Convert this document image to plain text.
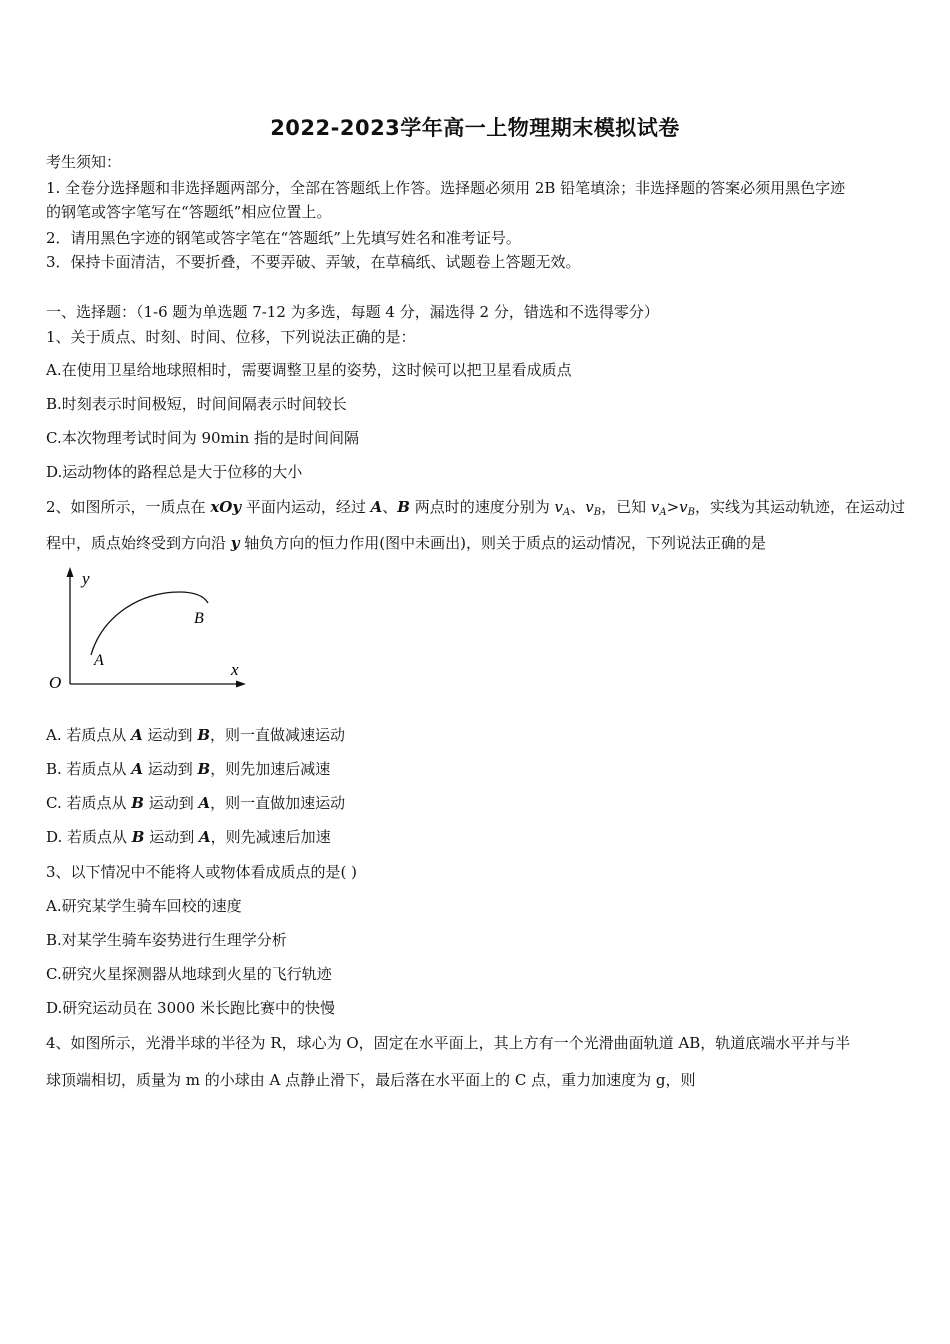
2022-2023学年高一上物理期末模拟试卷
考生须知：
1. 全卷分选择题和非选择题两部分，全部在答题纸上作答。选择题必须用 2B 铅笔填涂；非选择题的答案必须用黑色字迹
的钢笔或答字笔写在“答题纸”相应位置上。
2．请用黑色字迹的钢笔或答字笔在“答题纸”上先填写姓名和准考证号。
3．保持卡面清洁，不要折叠，不要弄破、弄皱，在草稿纸、试题卷上答题无效。
一、选择题：（1-6 题为单选题 7-12 为多选，每题 4 分，漏选得 2 分，错选和不选得零分）
1、关于质点、时刻、时间、位移，下列说法正确的是：
A.在使用卫星给地球照相时，需要调整卫星的姿势，这时候可以把卫星看成质点
B.时刻表示时间极短，时间间隔表示时间较长
C.本次物理考试时间为 90min 指的是时间间隔
D.运动物体的路程总是大于位移的大小
2、如图所示，一质点在 xOy 平面内运动，经过 A、B 两点时的速度分别为 $v_A$、$v_B$，已知 $v_A>v_B$，实线为其运动轨迹，在运动过
程中，质点始终受到方向沿 y 轴负方向的恒力作用(图中未画出)，则关于质点的运动情况，下列说法正确的是
y
x
O
A
B
A. 若质点从 A 运动到 B，则一直做减速运动
B. 若质点从 A 运动到 B，则先加速后减速
C. 若质点从 B 运动到 A，则一直做加速运动
D. 若质点从 B 运动到 A，则先减速后加速
3、以下情况中不能将人或物体看成质点的是( )
A.研究某学生骑车回校的速度
B.对某学生骑车姿势进行生理学分析
C.研究火星探测器从地球到火星的飞行轨迹
D.研究运动员在 3000 米长跑比赛中的快慢
4、如图所示，光滑半球的半径为 R，球心为 O，固定在水平面上，其上方有一个光滑曲面轨道 AB，轨道底端水平并与半
球顶端相切，质量为 m 的小球由 A 点静止滑下，最后落在水平面上的 C 点，重力加速度为 g，则
